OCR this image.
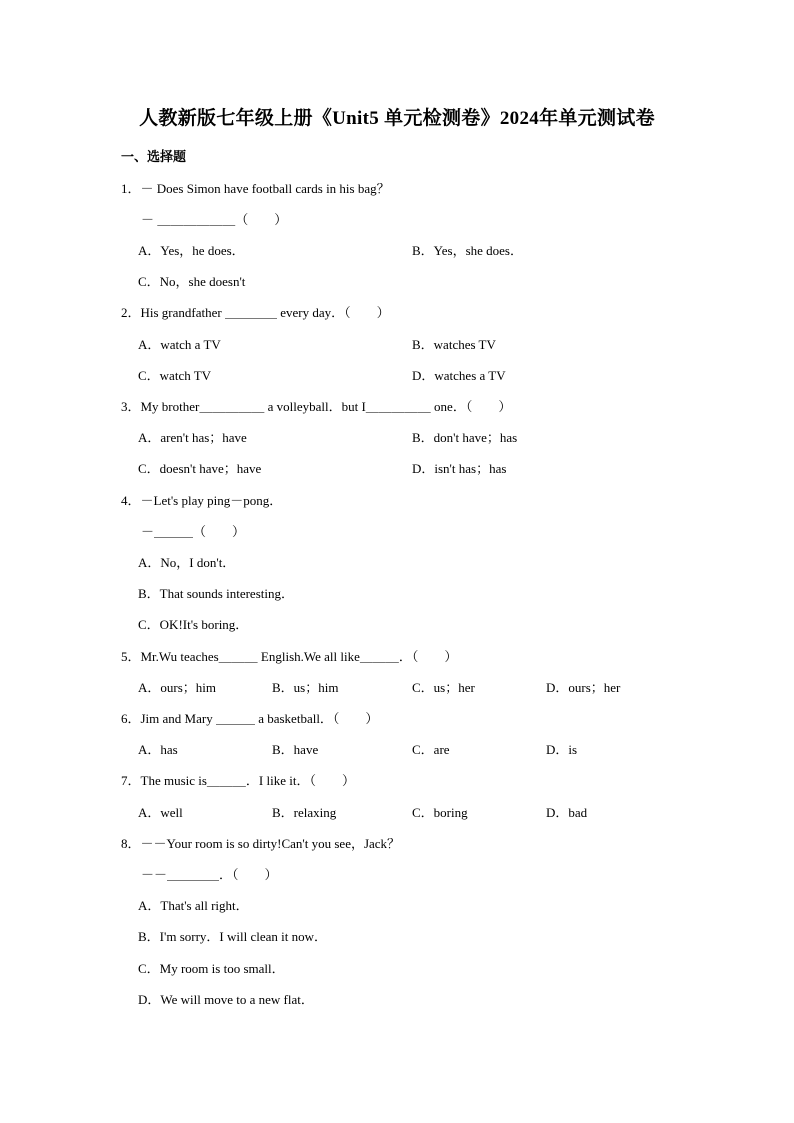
人教新版七年级上册《Unit5 单元检测卷》2024年单元测试卷
一、选择题
1．－ Does Simon have football cards in his bag？
－ ＿＿＿＿＿＿（　　）
A．Yes，he does．	B．Yes，she does．
C．No，she doesn't
2．His grandfather ＿＿＿＿ every day．（　　）
A．watch a TV	B．watches TV
C．watch TV	D．watches a TV
3．My brother＿＿＿＿＿ a volleyball．but I＿＿＿＿＿ one．（　　）
A．aren't has；have	B．don't have；has
C．doesn't have；have	D．isn't has；has
4．－Let's play ping－pong．
－＿＿＿（　　）
A．No，I don't．
B．That sounds interesting．
C．OK!It's boring．
5．Mr.Wu teaches＿＿＿ English.We all like＿＿＿．（　　）
A．ours；him	B．us；him	C．us；her	D．ours；her
6．Jim and Mary ＿＿＿ a basketball．（　　）
A．has	B．have	C．are	D．is
7．The music is＿＿＿．I like it．（　　）
A．well	B．relaxing	C．boring	D．bad
8．－－Your room is so dirty!Can't you see，Jack？
－－＿＿＿＿．（　　）
A．That's all right．
B．I'm sorry．I will clean it now．
C．My room is too small．
D．We will move to a new flat．
